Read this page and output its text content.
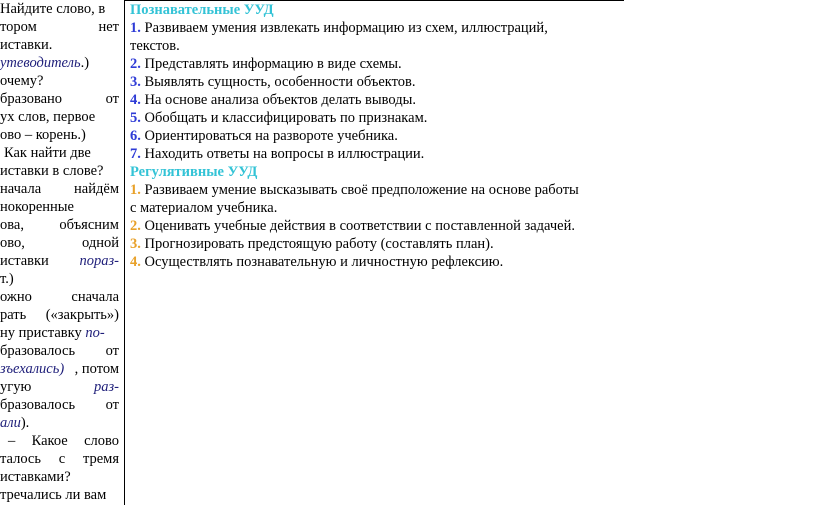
Найдите слово, в
тором	нет
иставки.
утеводитель.)
очему?
бразовано	от
ух слов, первое
ово – корень.)
Как найти две
иставки в слове?
начала найдём
нокоренные
ова, объясним
ово,	одной
иставки пораз-
т.)
ожно	сначала
рать («закрыть»)
ну приставку по-
бразовалось от
зъехались) , потом
угую	раз-
бразовалось от
али).
– Какое слово
талось с тремя
иставками?
тречались ли вам
Познавательные УУД
1. Развиваем умения извлекать информацию из схем, иллюстраций,
текстов.
2. Представлять информацию в виде схемы.
3. Выявлять сущность, особенности объектов.
4. На основе анализа объектов делать выводы.
5. Обобщать и классифицировать по признакам.
6. Ориентироваться на развороте учебника.
7. Находить ответы на вопросы в иллюстрации.
Регулятивные УУД
1. Развиваем умение высказывать своё предположение на основе работы
с материалом учебника.
2. Оценивать учебные действия в соответствии с поставленной задачей.
3. Прогнозировать предстоящую работу (составлять план).
4. Осуществлять познавательную и личностную рефлексию.
